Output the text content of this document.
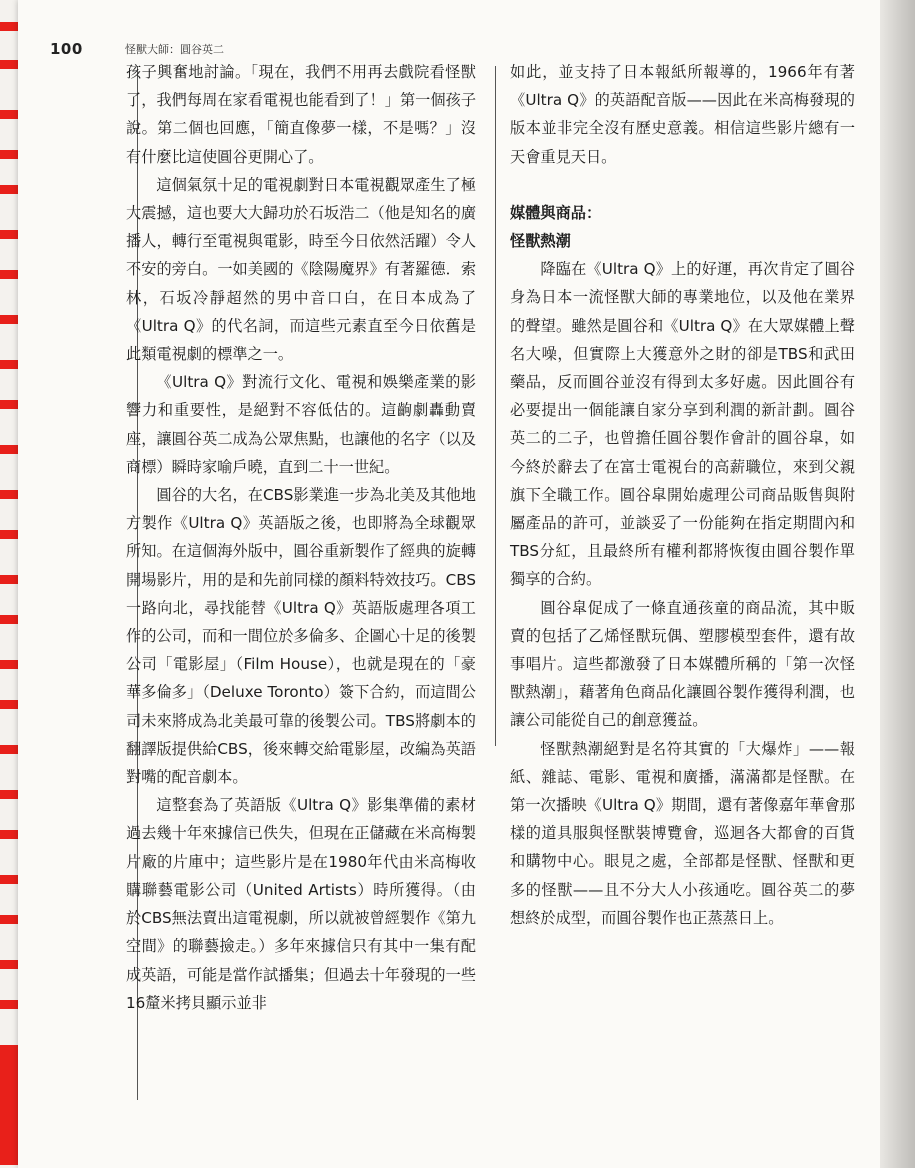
100	怪獸大師：圓谷英二

孩子興奮地討論。「現在，我們不用再去戲院看怪獸了，我們每周在家看電視也能看到了！」第一個孩子說。第二個也回應，「簡直像夢一樣，不是嗎？」沒有什麼比這使圓谷更開心了。

這個氣氛十足的電視劇對日本電視觀眾產生了極大震撼，這也要大大歸功於石坂浩二（他是知名的廣播人，轉行至電視與電影，時至今日依然活躍）令人不安的旁白。一如美國的《陰陽魔界》有著羅德．索林，石坂冷靜超然的男中音口白，在日本成為了《Ultra Q》的代名詞，而這些元素直至今日依舊是此類電視劇的標準之一。

《Ultra Q》對流行文化、電視和娛樂產業的影響力和重要性，是絕對不容低估的。這齣劇轟動賣座，讓圓谷英二成為公眾焦點，也讓他的名字（以及商標）瞬時家喻戶曉，直到二十一世紀。

圓谷的大名，在CBS影業進一步為北美及其他地方製作《Ultra Q》英語版之後，也即將為全球觀眾所知。在這個海外版中，圓谷重新製作了經典的旋轉開場影片，用的是和先前同樣的顏料特效技巧。CBS一路向北，尋找能替《Ultra Q》英語版處理各項工作的公司，而和一間位於多倫多、企圖心十足的後製公司「電影屋」（Film House），也就是現在的「豪華多倫多」（Deluxe Toronto）簽下合約，而這間公司未來將成為北美最可靠的後製公司。TBS將劇本的翻譯版提供給CBS，後來轉交給電影屋，改編為英語對嘴的配音劇本。

這整套為了英語版《Ultra Q》影集準備的素材過去幾十年來據信已佚失，但現在正儲藏在米高梅製片廠的片庫中；這些影片是在1980年代由米高梅收購聯藝電影公司（United Artists）時所獲得。（由於CBS無法賣出這電視劇，所以就被曾經製作《第九空間》的聯藝撿走。）多年來據信只有其中一集有配成英語，可能是當作試播集；但過去十年發現的一些16釐米拷貝顯示並非

如此，並支持了日本報紙所報導的，1966年有著《Ultra Q》的英語配音版——因此在米高梅發現的版本並非完全沒有歷史意義。相信這些影片總有一天會重見天日。

媒體與商品：

怪獸熱潮

降臨在《Ultra Q》上的好運，再次肯定了圓谷身為日本一流怪獸大師的專業地位，以及他在業界的聲望。雖然是圓谷和《Ultra Q》在大眾媒體上聲名大噪，但實際上大獲意外之財的卻是TBS和武田藥品，反而圓谷並沒有得到太多好處。因此圓谷有必要提出一個能讓自家分享到利潤的新計劃。圓谷英二的二子，也曾擔任圓谷製作會計的圓谷皐，如今終於辭去了在富士電視台的高薪職位，來到父親旗下全職工作。圓谷皐開始處理公司商品販售與附屬產品的許可，並談妥了一份能夠在指定期間內和TBS分紅，且最終所有權利都將恢復由圓谷製作單獨享的合約。

圓谷皐促成了一條直通孩童的商品流，其中販賣的包括了乙烯怪獸玩偶、塑膠模型套件，還有故事唱片。這些都激發了日本媒體所稱的「第一次怪獸熱潮」，藉著角色商品化讓圓谷製作獲得利潤，也讓公司能從自己的創意獲益。

怪獸熱潮絕對是名符其實的「大爆炸」——報紙、雜誌、電影、電視和廣播，滿滿都是怪獸。在第一次播映《Ultra Q》期間，還有著像嘉年華會那樣的道具服與怪獸裝博覽會，巡迴各大都會的百貨和購物中心。眼見之處，全部都是怪獸、怪獸和更多的怪獸——且不分大人小孩通吃。圓谷英二的夢想終於成型，而圓谷製作也正蒸蒸日上。
